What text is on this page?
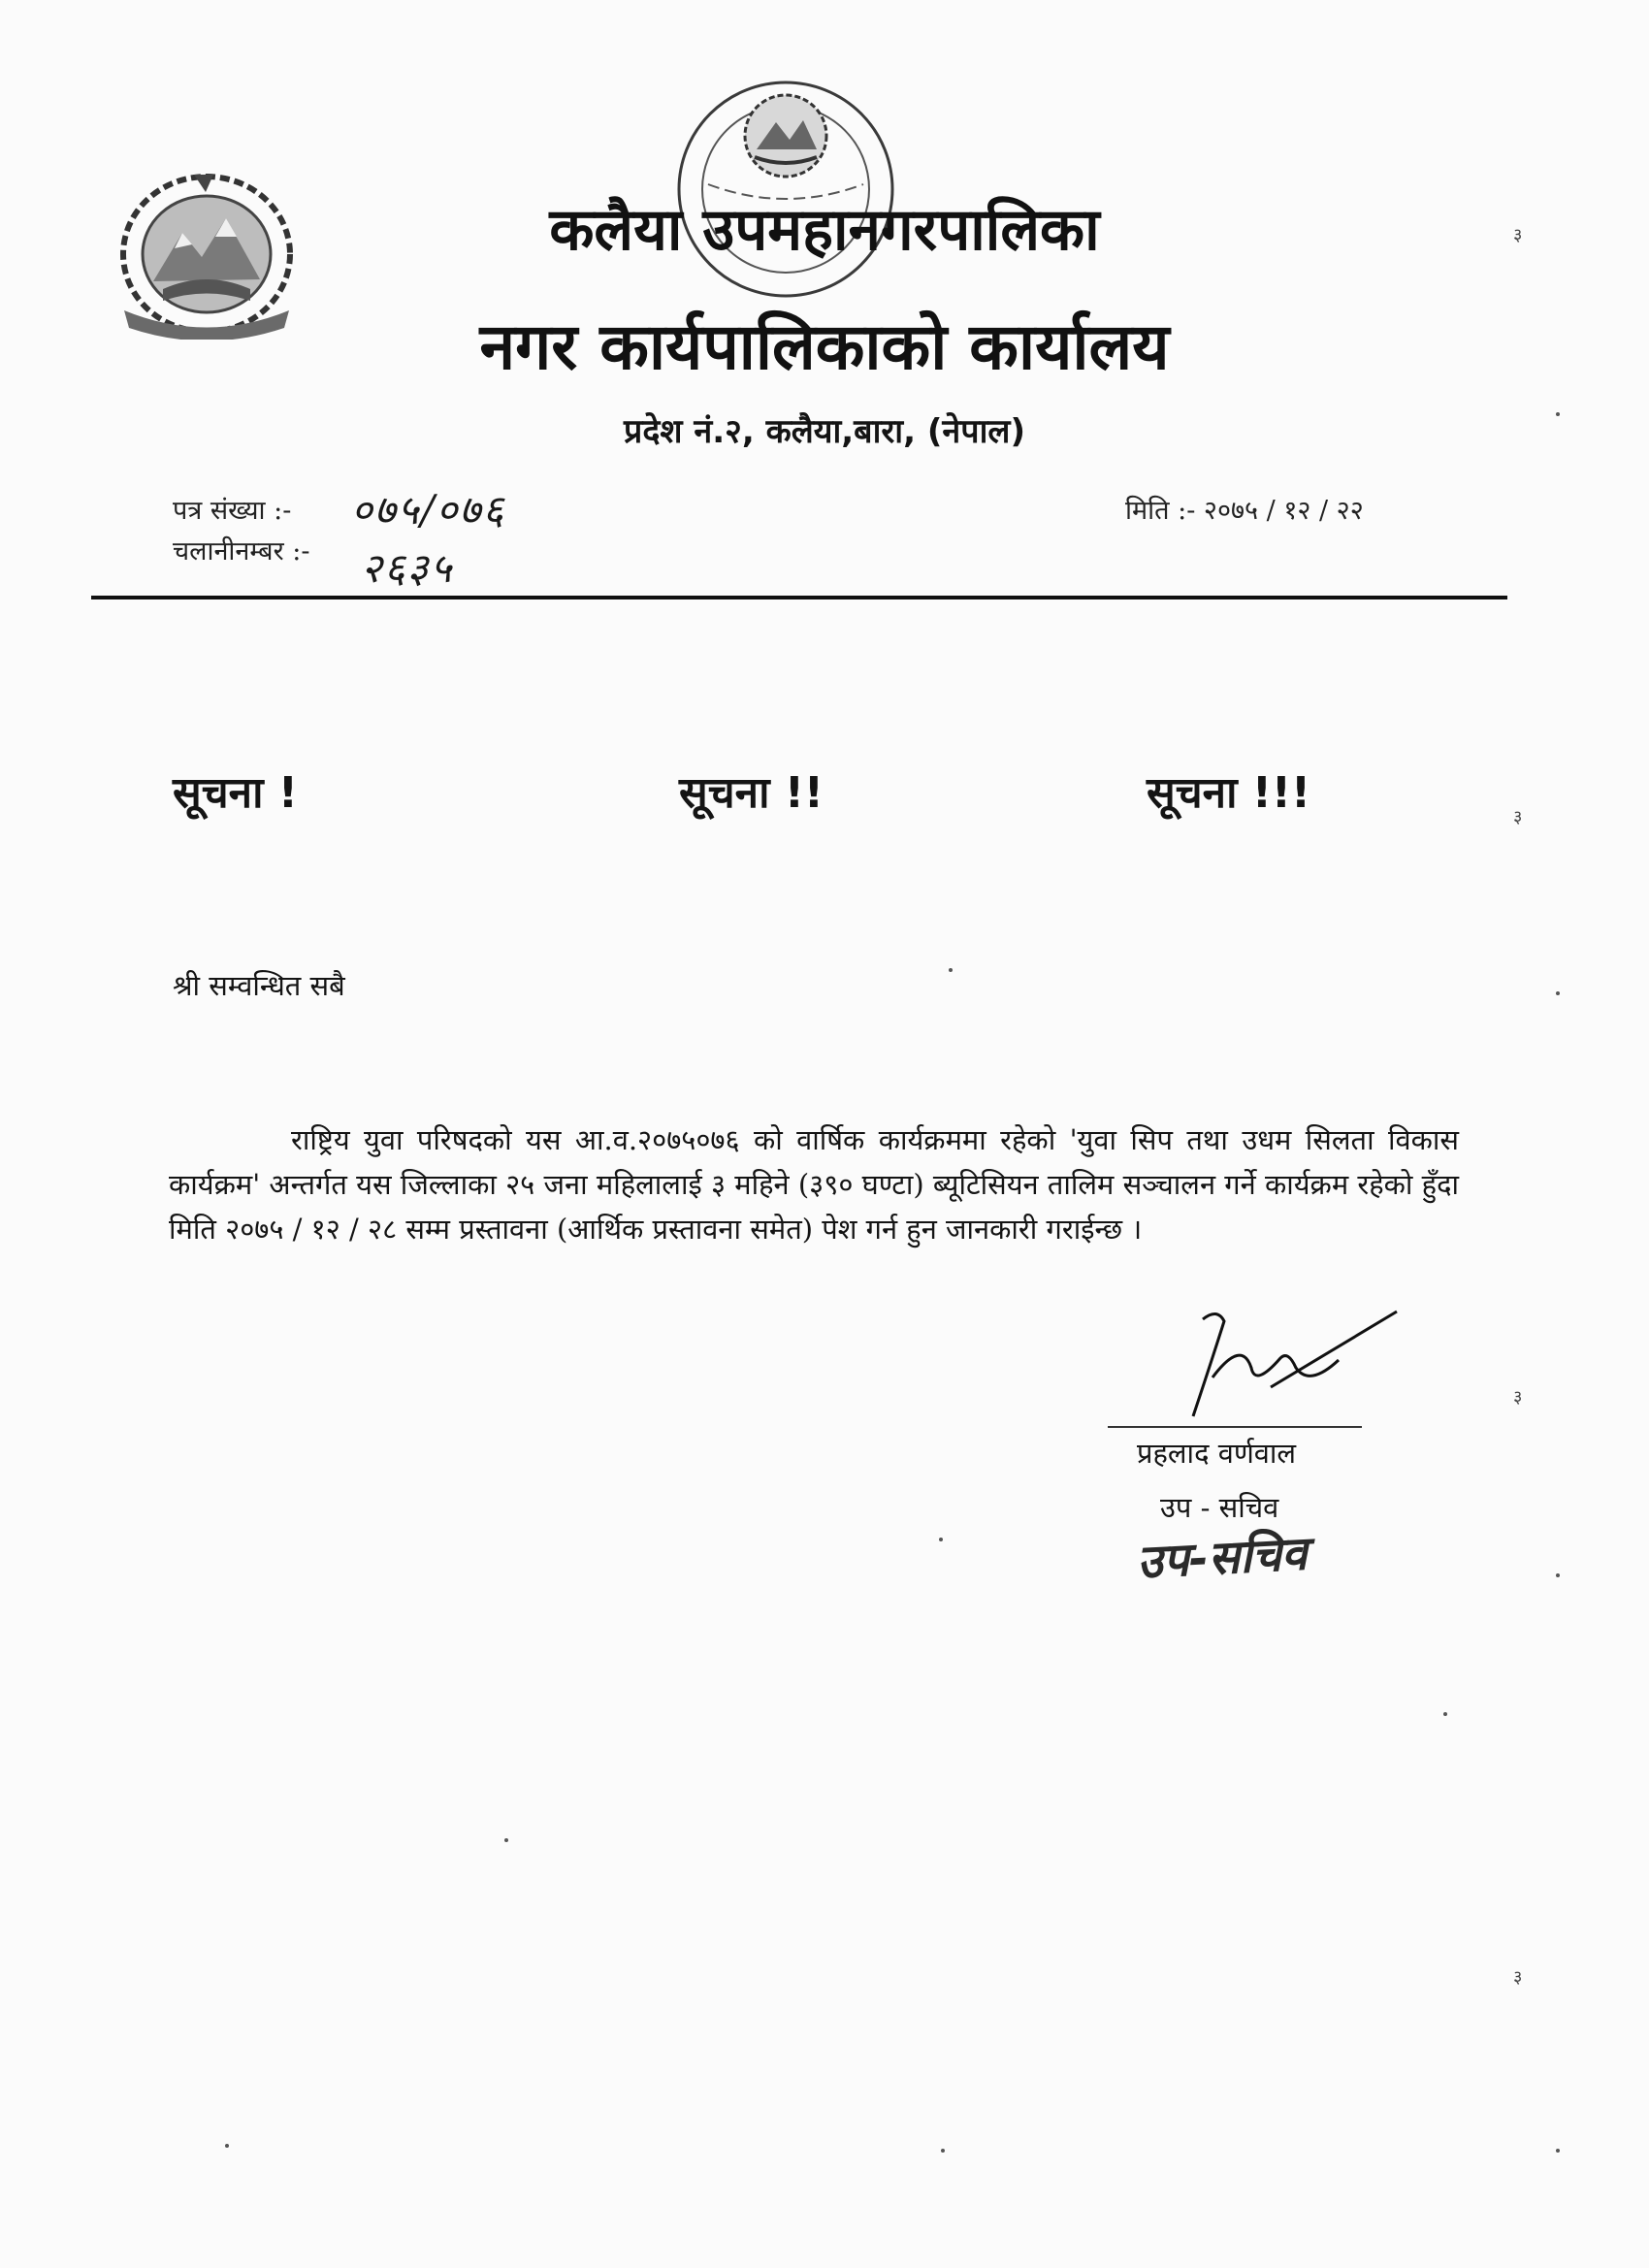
कलैया उपमहानगरपालिका
नगर कार्यपालिकाको कार्यालय
प्रदेश नं.२, कलैया,बारा, (नेपाल)
पत्र संख्या :- ०७५/०७६
चलानीनम्बर :- २६३५
मिति :- २०७५ / १२ / २२
सूचना !	सूचना !!	सूचना !!!
श्री सम्वन्धित सबै
राष्ट्रिय युवा परिषदको यस आ.व.२०७५०७६ को वार्षिक कार्यक्रममा रहेको 'युवा सिप तथा उधम सिलता विकास कार्यक्रम' अन्तर्गत यस जिल्लाका २५ जना महिलालाई ३ महिने (३९० घण्टा) ब्यूटिसियन तालिम सञ्चालन गर्ने कार्यक्रम रहेको हुँदा मिति २०७५ / १२ / २८ सम्म प्रस्तावना (आर्थिक प्रस्तावना समेत) पेश गर्न हुन जानकारी गराईन्छ ।
प्रहलाद वर्णवाल
उप - सचिव
उप-सचिव
३
३
३
३
